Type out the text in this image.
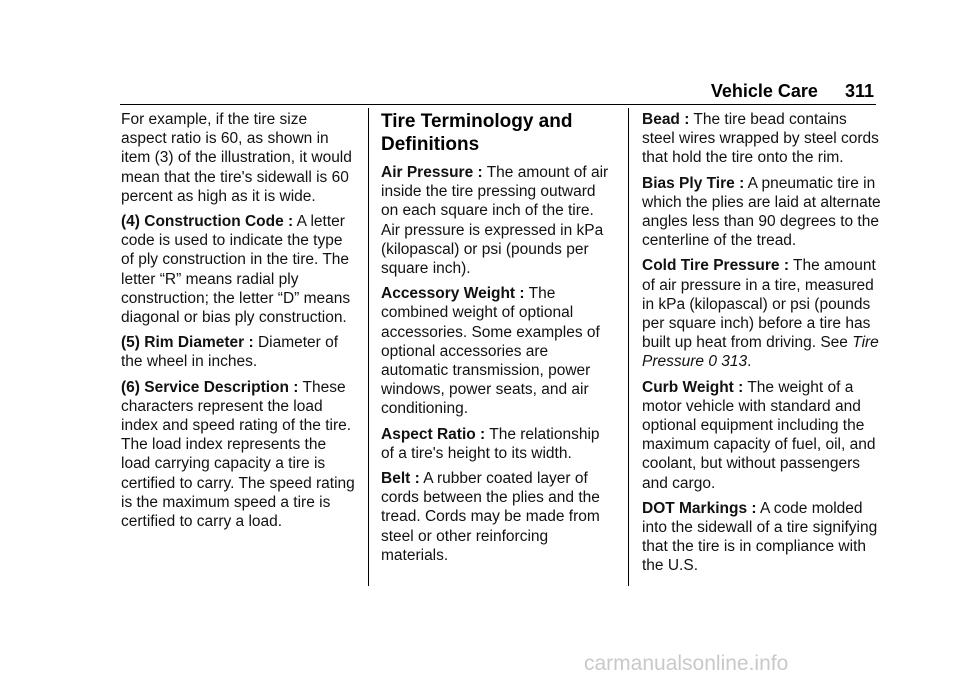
Vehicle Care 311

For example, if the tire size aspect ratio is 60, as shown in item (3) of the illustration, it would mean that the tire's sidewall is 60 percent as high as it is wide.

(4) Construction Code : A letter code is used to indicate the type of ply construction in the tire. The letter “R” means radial ply construction; the letter “D” means diagonal or bias ply construction.

(5) Rim Diameter : Diameter of the wheel in inches.

(6) Service Description : These characters represent the load index and speed rating of the tire. The load index represents the load carrying capacity a tire is certified to carry. The speed rating is the maximum speed a tire is certified to carry a load.

Tire Terminology and Definitions

Air Pressure : The amount of air inside the tire pressing outward on each square inch of the tire. Air pressure is expressed in kPa (kilopascal) or psi (pounds per square inch).

Accessory Weight : The combined weight of optional accessories. Some examples of optional accessories are automatic transmission, power windows, power seats, and air conditioning.

Aspect Ratio : The relationship of a tire's height to its width.

Belt : A rubber coated layer of cords between the plies and the tread. Cords may be made from steel or other reinforcing materials.

Bead : The tire bead contains steel wires wrapped by steel cords that hold the tire onto the rim.

Bias Ply Tire : A pneumatic tire in which the plies are laid at alternate angles less than 90 degrees to the centerline of the tread.

Cold Tire Pressure : The amount of air pressure in a tire, measured in kPa (kilopascal) or psi (pounds per square inch) before a tire has built up heat from driving. See Tire Pressure 0 313.

Curb Weight : The weight of a motor vehicle with standard and optional equipment including the maximum capacity of fuel, oil, and coolant, but without passengers and cargo.

DOT Markings : A code molded into the sidewall of a tire signifying that the tire is in compliance with the U.S.

carmanualsonline.info
